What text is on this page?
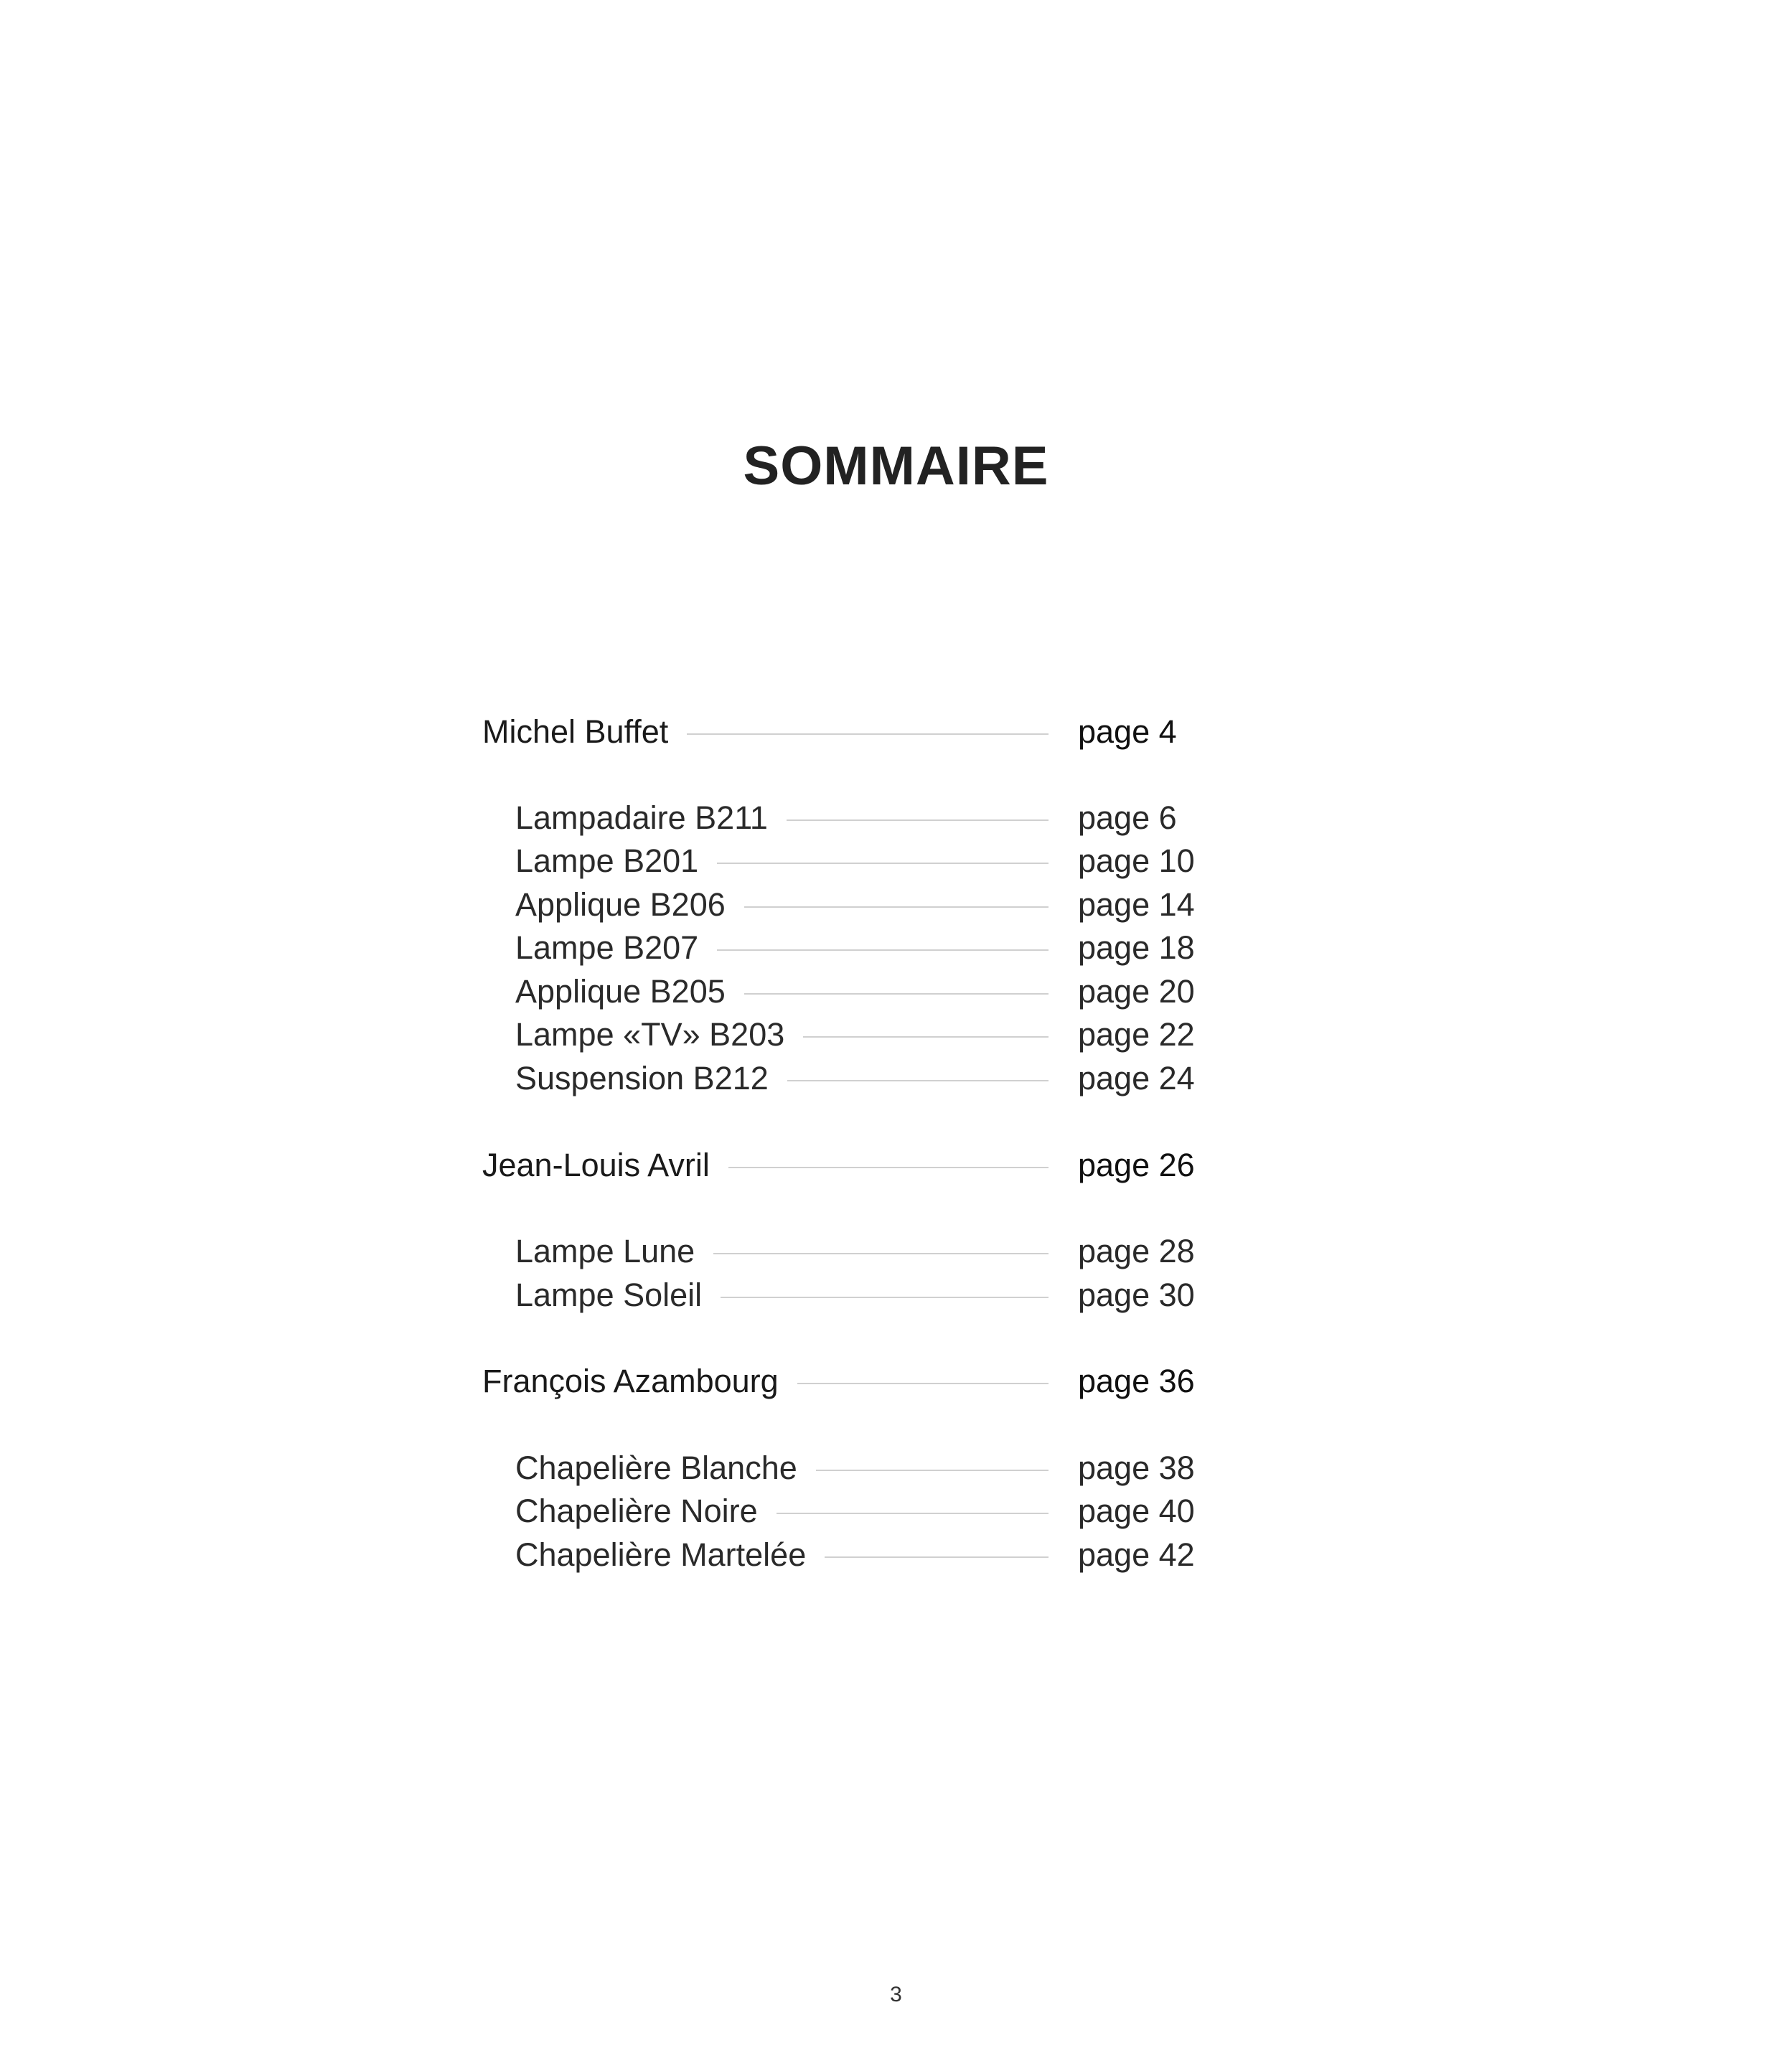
SOMMAIRE
Michel Buffet	page 4
Lampadaire B211	page 6
Lampe B201	page 10
Applique B206	page 14
Lampe B207	page 18
Applique B205	page 20
Lampe «TV» B203	page 22
Suspension B212	page 24
Jean-Louis Avril	page 26
Lampe Lune	page 28
Lampe Soleil	page 30
François Azambourg	page 36
Chapelière Blanche	page 38
Chapelière Noire	page 40
Chapelière Martelée	page 42
3
